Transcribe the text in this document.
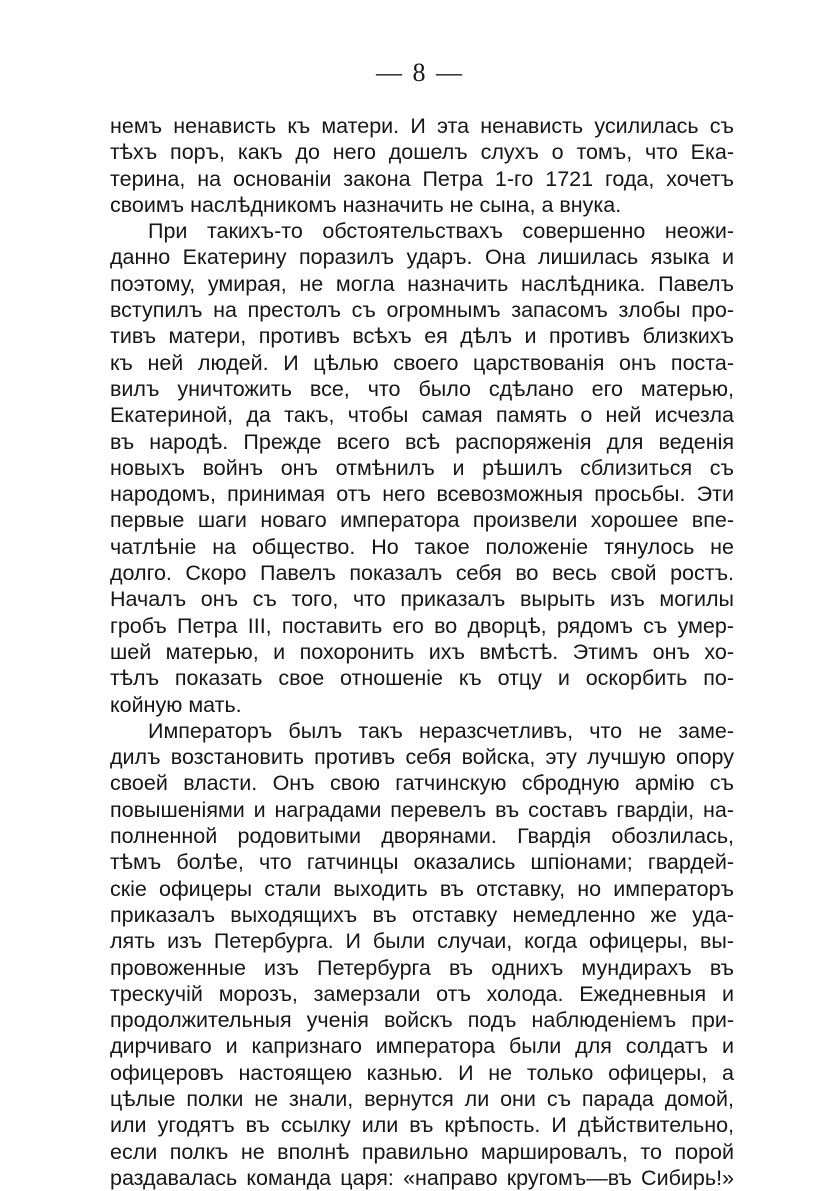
— 8 —
немъ ненависть къ матери. И эта ненависть усилилась съ
тѣхъ поръ, какъ до него дошелъ слухъ о томъ, что Ека-
терина, на основаніи закона Петра 1-го 1721 года, хочетъ
своимъ наслѣдникомъ назначить не сына, а внука.
При такихъ-то обстоятельствахъ совершенно неожи-
данно Екатерину поразилъ ударъ. Она лишилась языка и
поэтому, умирая, не могла назначить наслѣдника. Павелъ
вступилъ на престолъ съ огромнымъ запасомъ злобы про-
тивъ матери, противъ всѣхъ ея дѣлъ и противъ близкихъ
къ ней людей. И цѣлью своего царствованія онъ поста-
вилъ уничтожить все, что было сдѣлано его матерью,
Екатериной, да такъ, чтобы самая память о ней исчезла
въ народѣ. Прежде всего всѣ распоряженія для веденія
новыхъ войнъ онъ отмѣнилъ и рѣшилъ сблизиться съ
народомъ, принимая отъ него всевозможныя просьбы. Эти
первые шаги новаго императора произвели хорошее впе-
чатлѣніе на общество. Но такое положеніе тянулось не
долго. Скоро Павелъ показалъ себя во весь свой ростъ.
Началъ онъ съ того, что приказалъ вырыть изъ могилы
гробъ Петра III, поставить его во дворцѣ, рядомъ съ умер-
шей матерью, и похоронить ихъ вмѣстѣ. Этимъ онъ хо-
тѣлъ показать свое отношеніе къ отцу и оскорбить по-
койную мать.
Императоръ былъ такъ неразсчетливъ, что не заме-
дилъ возстановить противъ себя войска, эту лучшую опору
своей власти. Онъ свою гатчинскую сбродную армію съ
повышеніями и наградами перевелъ въ составъ гвардіи, на-
полненной родовитыми дворянами. Гвардія обозлилась,
тѣмъ болѣе, что гатчинцы оказались шпіонами; гвардей-
скіе офицеры стали выходить въ отставку, но императоръ
приказалъ выходящихъ въ отставку немедленно же уда-
лять изъ Петербурга. И были случаи, когда офицеры, вы-
провоженные изъ Петербурга въ однихъ мундирахъ въ
трескучій морозъ, замерзали отъ холода. Ежедневныя и
продолжительныя ученія войскъ подъ наблюденіемъ при-
дирчиваго и капризнаго императора были для солдатъ и
офицеровъ настоящею казнью. И не только офицеры, а
цѣлые полки не знали, вернутся ли они съ парада домой,
или угодятъ въ ссылку или въ крѣпость. И дѣйствительно,
если полкъ не вполнѣ правильно маршировалъ, то порой
раздавалась команда царя: «направо кругомъ—въ Сибирь!»
